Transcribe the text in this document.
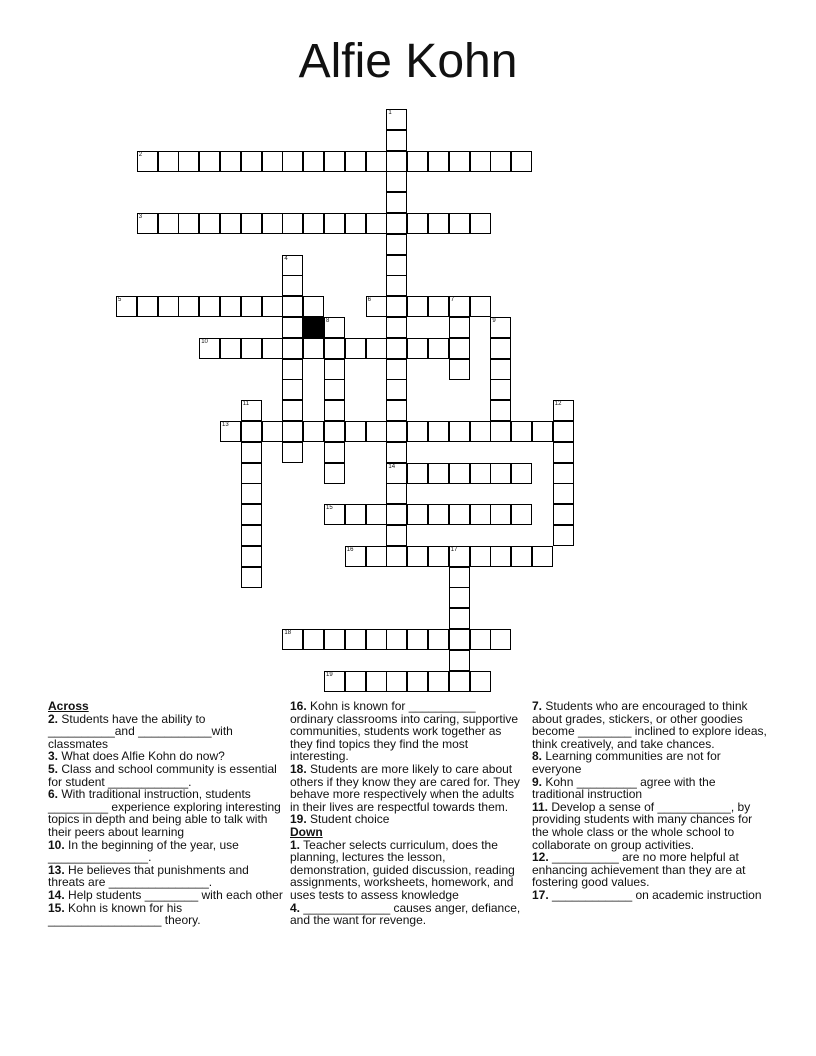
Alfie Kohn
1
14
2
3
4
5	6	7
8	9
10
11	12
13
15
16	17
18
19
Across
2. Students have the ability to __________and ___________with classmates
3. What does Alfie Kohn do now?
5. Class and school community is essential for student ____________.
6. With traditional instruction, students _________ experience exploring interesting topics in depth and being able to talk with their peers about learning
10. In the beginning of the year, use _______________.
13. He believes that punishments and threats are _______________.
14. Help students ________ with each other
15. Kohn is known for his _________________ theory.
16. Kohn is known for __________ ordinary classrooms into caring, supportive communities, students work together as they find topics they find the most interesting.
18. Students are more likely to care about others if they know they are cared for. They behave more respectively when the adults in their lives are respectful towards them.
19. Student choice
Down
1. Teacher selects curriculum, does the planning, lectures the lesson, demonstration, guided discussion, reading assignments, worksheets, homework, and uses tests to assess knowledge
4. _____________ causes anger, defiance, and the want for revenge.
7. Students who are encouraged to think about grades, stickers, or other goodies become ________ inclined to explore ideas, think creatively, and take chances.
8. Learning communities are not for everyone
9. Kohn _________ agree with the traditional instruction
11. Develop a sense of ___________, by providing students with many chances for the whole class or the whole school to collaborate on group activities.
12. __________ are no more helpful at enhancing achievement than they are at fostering good values.
17. ____________ on academic instruction
